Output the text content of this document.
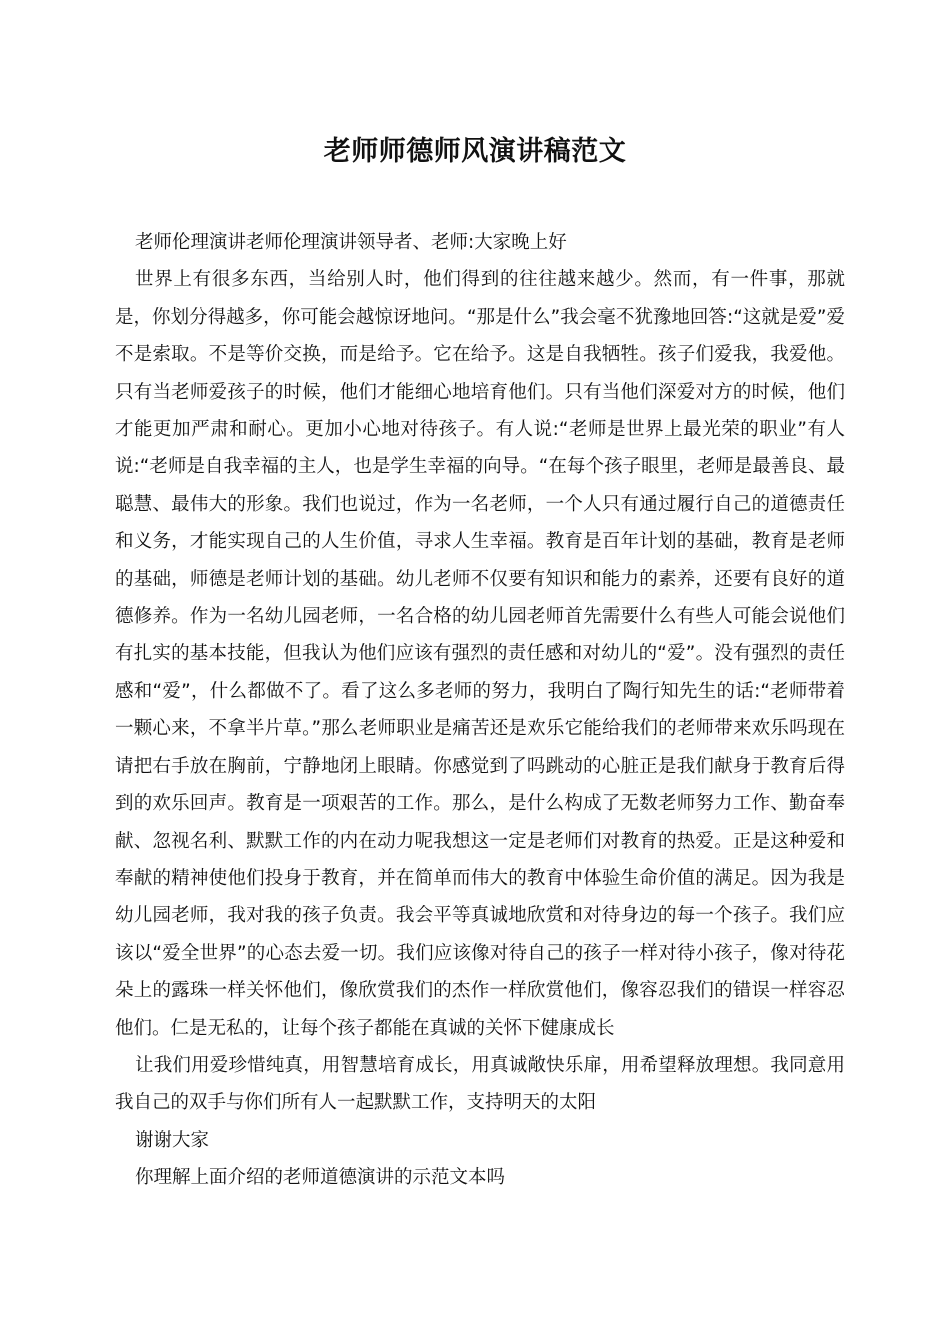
老师师德师风演讲稿范文

老师伦理演讲老师伦理演讲领导者、老师:大家晚上好

世界上有很多东西，当给别人时，他们得到的往往越来越少。然而，有一件事，那就是，你划分得越多，你可能会越惊讶地问。“那是什么”我会毫不犹豫地回答:“这就是爱”爱不是索取。不是等价交换，而是给予。它在给予。这是自我牺牲。孩子们爱我，我爱他。只有当老师爱孩子的时候，他们才能细心地培育他们。只有当他们深爱对方的时候，他们才能更加严肃和耐心。更加小心地对待孩子。有人说:“老师是世界上最光荣的职业”有人说:“老师是自我幸福的主人，也是学生幸福的向导。“在每个孩子眼里，老师是最善良、最聪慧、最伟大的形象。我们也说过，作为一名老师，一个人只有通过履行自己的道德责任和义务，才能实现自己的人生价值，寻求人生幸福。教育是百年计划的基础，教育是老师的基础，师德是老师计划的基础。幼儿老师不仅要有知识和能力的素养，还要有良好的道德修养。作为一名幼儿园老师，一名合格的幼儿园老师首先需要什么有些人可能会说他们有扎实的基本技能，但我认为他们应该有强烈的责任感和对幼儿的“爱”。没有强烈的责任感和“爱”，什么都做不了。看了这么多老师的努力，我明白了陶行知先生的话:“老师带着一颗心来，不拿半片草。”那么老师职业是痛苦还是欢乐它能给我们的老师带来欢乐吗现在请把右手放在胸前，宁静地闭上眼睛。你感觉到了吗跳动的心脏正是我们献身于教育后得到的欢乐回声。教育是一项艰苦的工作。那么，是什么构成了无数老师努力工作、勤奋奉献、忽视名利、默默工作的内在动力呢我想这一定是老师们对教育的热爱。正是这种爱和奉献的精神使他们投身于教育，并在简单而伟大的教育中体验生命价值的满足。因为我是幼儿园老师，我对我的孩子负责。我会平等真诚地欣赏和对待身边的每一个孩子。我们应该以“爱全世界”的心态去爱一切。我们应该像对待自己的孩子一样对待小孩子，像对待花朵上的露珠一样关怀他们，像欣赏我们的杰作一样欣赏他们，像容忍我们的错误一样容忍他们。仁是无私的，让每个孩子都能在真诚的关怀下健康成长

让我们用爱珍惜纯真，用智慧培育成长，用真诚敞快乐扉，用希望释放理想。我同意用我自己的双手与你们所有人一起默默工作，支持明天的太阳

谢谢大家

你理解上面介绍的老师道德演讲的示范文本吗
